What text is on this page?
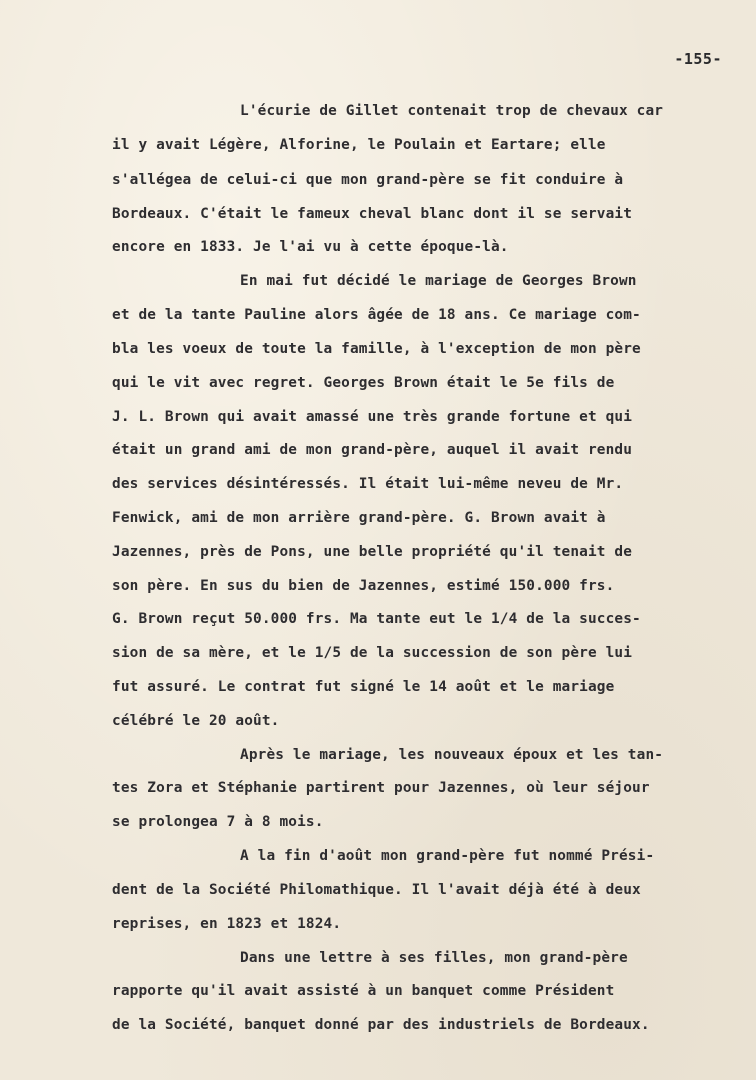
-155-
L'écurie de Gillet contenait trop de chevaux car
il y avait Légère, Alforine, le Poulain et Eartare; elle
s'allégea de celui-ci que mon grand-père se fit conduire à
Bordeaux. C'était le fameux cheval blanc dont il se servait
encore en 1833. Je l'ai vu à cette époque-là.
En mai fut décidé le mariage de Georges Brown
et de la tante Pauline alors âgée de 18 ans. Ce mariage com-
bla les voeux de toute la famille, à l'exception de mon père
qui le vit avec regret. Georges Brown était le 5e fils de
J. L. Brown qui avait amassé une très grande fortune et qui
était un grand ami de mon grand-père, auquel il avait rendu
des services désintéressés. Il était lui-même neveu de Mr.
Fenwick, ami de mon arrière grand-père. G. Brown avait à
Jazennes, près de Pons, une belle propriété qu'il tenait de
son père. En sus du bien de Jazennes, estimé 150.000 frs.
G. Brown reçut 50.000 frs. Ma tante eut le 1/4 de la succes-
sion de sa mère, et le 1/5 de la succession de son père lui
fut assuré. Le contrat fut signé le 14 août et le mariage
célébré le 20 août.
Après le mariage, les nouveaux époux et les tan-
tes Zora et Stéphanie partirent pour Jazennes, où leur séjour
se prolongea 7 à 8 mois.
A la fin d'août mon grand-père fut nommé Prési-
dent de la Société Philomathique. Il l'avait déjà été à deux
reprises, en 1823 et 1824.
Dans une lettre à ses filles, mon grand-père
rapporte qu'il avait assisté à un banquet comme Président
de la Société, banquet donné par des industriels de Bordeaux.
